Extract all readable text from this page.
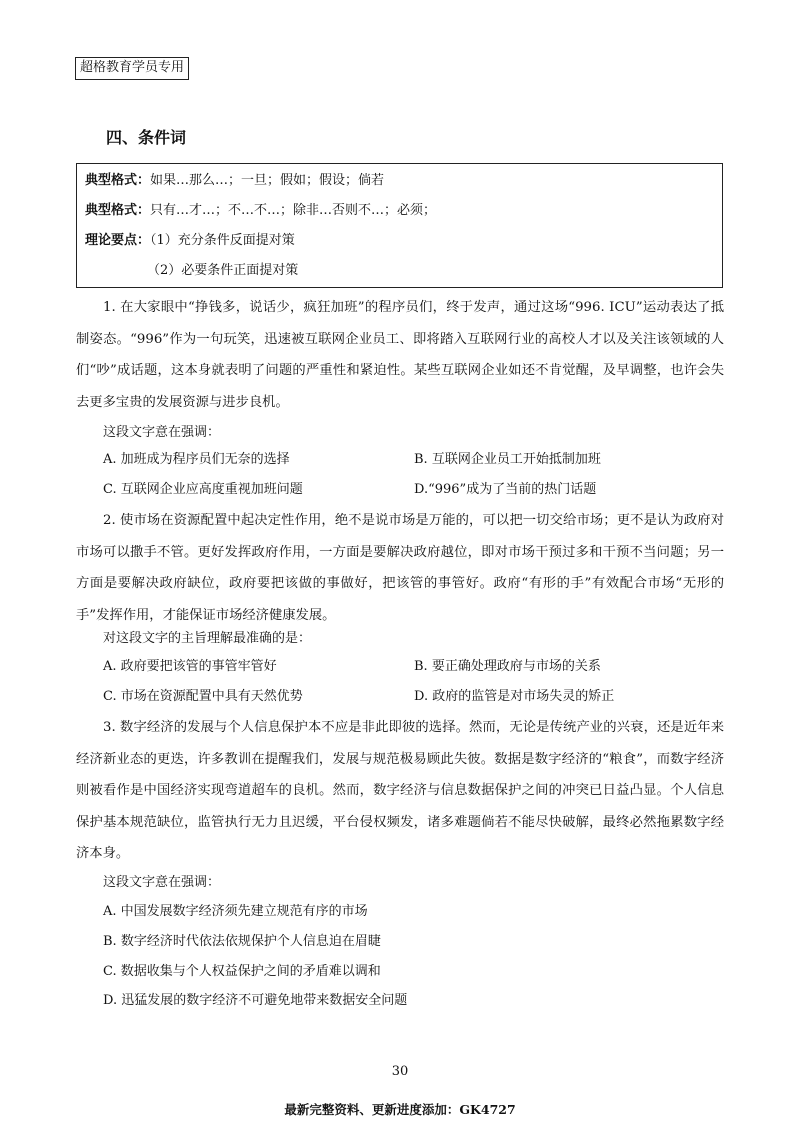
超格教育学员专用
四、条件词
典型格式：如果…那么…；一旦；假如；假设；倘若
典型格式：只有…才…；不…不…；除非…否则不…；必须；
理论要点：（1）充分条件反面提对策
（2）必要条件正面提对策
1. 在大家眼中“挣钱多，说话少，疯狂加班”的程序员们，终于发声，通过这场“996. ICU”运动表达了抵制姿态。“996”作为一句玩笑，迅速被互联网企业员工、即将踏入互联网行业的高校人才以及关注该领域的人们“吵”成话题，这本身就表明了问题的严重性和紧迫性。某些互联网企业如还不肯觉醒，及早调整，也许会失去更多宝贵的发展资源与进步良机。
这段文字意在强调：
A. 加班成为程序员们无奈的选择	B. 互联网企业员工开始抵制加班
C. 互联网企业应高度重视加班问题	D.“996”成为了当前的热门话题
2. 使市场在资源配置中起决定性作用，绝不是说市场是万能的，可以把一切交给市场；更不是认为政府对市场可以撒手不管。更好发挥政府作用，一方面是要解决政府越位，即对市场干预过多和干预不当问题；另一方面是要解决政府缺位，政府要把该做的事做好，把该管的事管好。政府“有形的手”有效配合市场“无形的手”发挥作用，才能保证市场经济健康发展。
对这段文字的主旨理解最准确的是：
A. 政府要把该管的事管牢管好	B. 要正确处理政府与市场的关系
C. 市场在资源配置中具有天然优势	D. 政府的监管是对市场失灵的矫正
3. 数字经济的发展与个人信息保护本不应是非此即彼的选择。然而，无论是传统产业的兴衰，还是近年来经济新业态的更迭，许多教训在提醒我们，发展与规范极易顾此失彼。数据是数字经济的“粮食”，而数字经济则被看作是中国经济实现弯道超车的良机。然而，数字经济与信息数据保护之间的冲突已日益凸显。个人信息保护基本规范缺位，监管执行无力且迟缓，平台侵权频发，诸多难题倘若不能尽快破解，最终必然拖累数字经济本身。
这段文字意在强调：
A. 中国发展数字经济须先建立规范有序的市场
B. 数字经济时代依法依规保护个人信息迫在眉睫
C. 数据收集与个人权益保护之间的矛盾难以调和
D. 迅猛发展的数字经济不可避免地带来数据安全问题
30
最新完整资料、更新进度添加：GK4727
